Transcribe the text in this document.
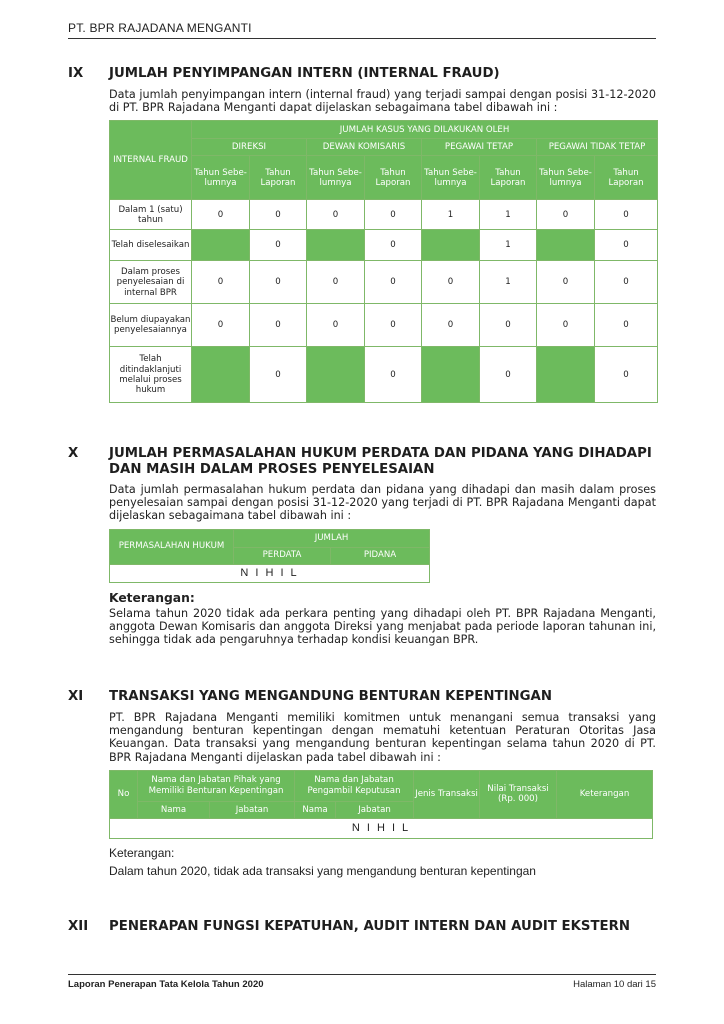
PT. BPR RAJADANA MENGANTI
IX	JUMLAH PENYIMPANGAN INTERN (INTERNAL FRAUD)
Data jumlah penyimpangan intern (internal fraud) yang terjadi sampai dengan posisi 31-12-2020 di PT. BPR Rajadana Menganti dapat dijelaskan sebagaimana tabel dibawah ini :
INTERNAL FRAUD	JUMLAH KASUS YANG DILAKUKAN OLEH							
	DIREKSI		DEWAN KOMISARIS		PEGAWAI TETAP		PEGAWAI TIDAK TETAP	
	Tahun Sebe- lumnya	Tahun Laporan	Tahun Sebe- lumnya	Tahun Laporan	Tahun Sebe- lumnya	Tahun Laporan	Tahun Sebe- lumnya	Tahun Laporan
Dalam 1 (satu) tahun	0	0	0	0	1	1	0	0
Telah diselesaikan		0		0		1		0
Dalam proses penyelesaian di internal BPR	0	0	0	0	0	1	0	0
Belum diupayakan penyelesaiannya	0	0	0	0	0	0	0	0
Telah ditindaklanjuti melalui proses hukum		0		0		0		0
X	JUMLAH PERMASALAHAN HUKUM PERDATA DAN PIDANA YANG DIHADAPI DAN MASIH DALAM PROSES PENYELESAIAN
Data jumlah permasalahan hukum perdata dan pidana yang dihadapi dan masih dalam proses penyelesaian sampai dengan posisi 31-12-2020 yang terjadi di PT. BPR Rajadana Menganti dapat dijelaskan sebagaimana tabel dibawah ini :
PERMASALAHAN HUKUM	JUMLAH	
	PERDATA	PIDANA
N I H I L		
Keterangan:
Selama tahun 2020 tidak ada perkara penting yang dihadapi oleh PT. BPR Rajadana Menganti, anggota Dewan Komisaris dan anggota Direksi yang menjabat pada periode laporan tahunan ini, sehingga tidak ada pengaruhnya terhadap kondisi keuangan BPR.
XI	TRANSAKSI YANG MENGANDUNG BENTURAN KEPENTINGAN
PT. BPR Rajadana Menganti memiliki komitmen untuk menangani semua transaksi yang mengandung benturan kepentingan dengan mematuhi ketentuan Peraturan Otoritas Jasa Keuangan. Data transaksi yang mengandung benturan kepentingan selama tahun 2020 di PT. BPR Rajadana Menganti dijelaskan pada tabel dibawah ini :
No	Nama dan Jabatan Pihak yang Memiliki Benturan Kepentingan		Nama dan Jabatan Pengambil Keputusan		Jenis Transaksi	Nilai Transaksi (Rp. 000)	Keterangan
	Nama	Jabatan	Nama	Jabatan			
N I H I L							
Keterangan:
Dalam tahun 2020, tidak ada transaksi yang mengandung benturan kepentingan
XII	PENERAPAN FUNGSI KEPATUHAN, AUDIT INTERN DAN AUDIT EKSTERN
Laporan Penerapan Tata Kelola Tahun 2020	Halaman 10 dari 15
